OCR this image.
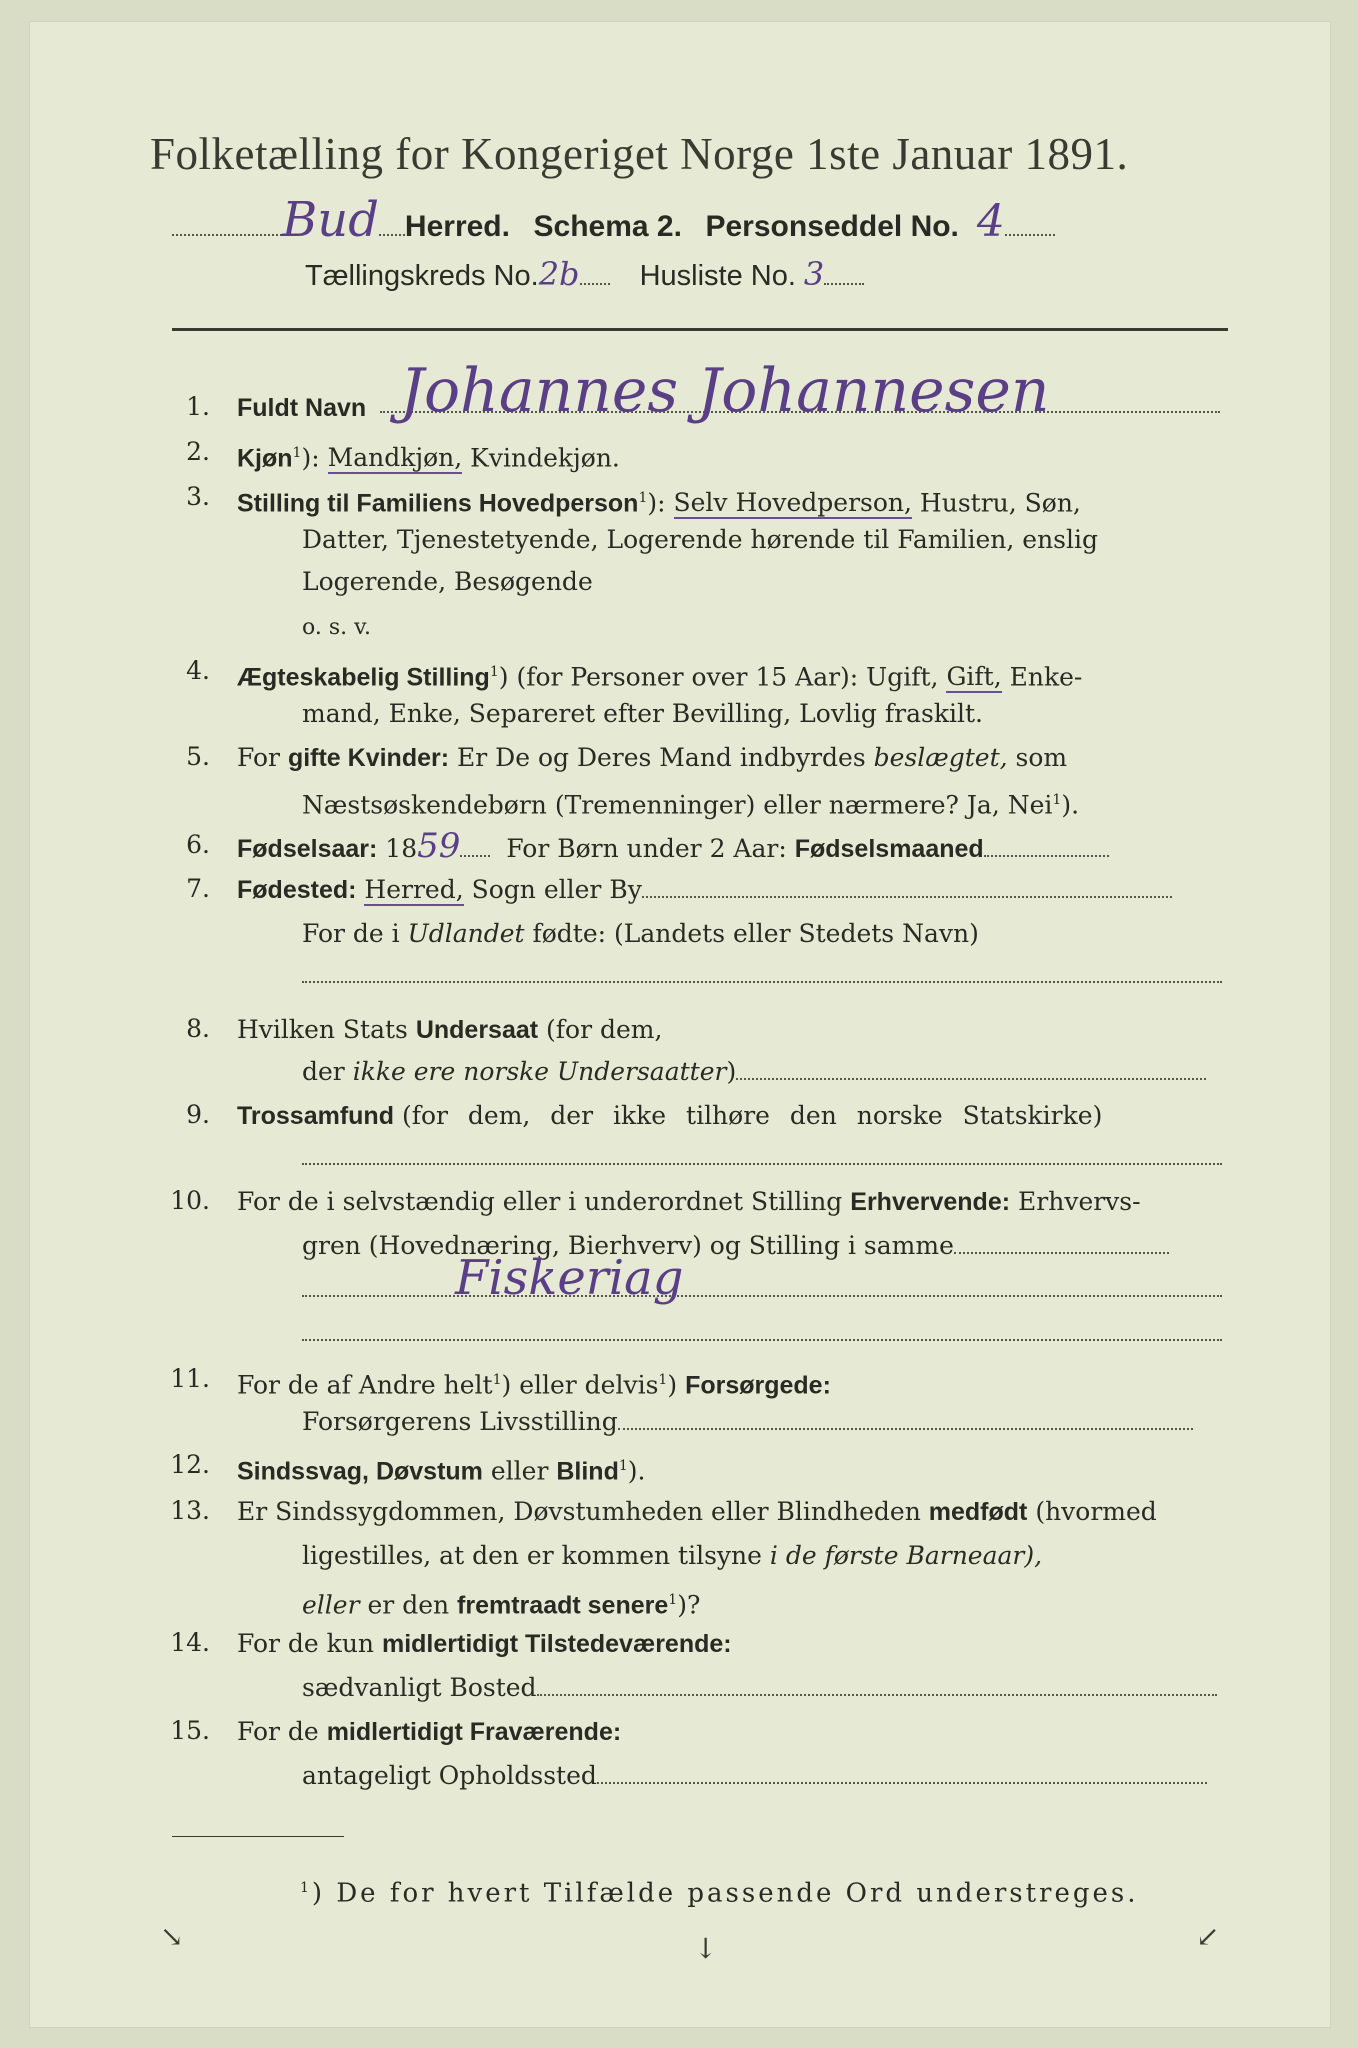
Folketælling for Kongeriget Norge 1ste Januar 1891.
Bud Herred. Schema 2. Personseddel No. 4
Tællingskreds No.2b Husliste No. 3
1. Fuldt Navn Johannes Johannesen
2. Kjøn$^1$): Mandkjøn, Kvindekjøn.
3. Stilling til Familiens Hovedperson$^1$): Selv Hovedperson, Hustru, Søn,
Datter, Tjenestetyende, Logerende hørende til Familien, enslig
Logerende, Besøgende
o. s. v.
4. Ægteskabelig Stilling$^1$) (for Personer over 15 Aar): Ugift, Gift, Enke-
mand, Enke, Separeret efter Bevilling, Lovlig fraskilt.
5. For gifte Kvinder: Er De og Deres Mand indbyrdes beslægtet, som
Næstsøskendebørn (Tremenninger) eller nærmere? Ja, Nei$^1$).
6. Fødselsaar: 1859 For Børn under 2 Aar: Fødselsmaaned
7. Fødested: Herred, Sogn eller By
For de i Udlandet fødte: (Landets eller Stedets Navn)
8. Hvilken Stats Undersaat (for dem,
der ikke ere norske Undersaatter)
9. Trossamfund (for dem, der ikke tilhøre den norske Statskirke)
10. For de i selvstændig eller i underordnet Stilling Erhvervende: Erhvervs-
gren (Hovednæring, Bierhverv) og Stilling i samme
Fiskeriag
11. For de af Andre helt$^1$) eller delvis$^1$) Forsørgede:
Forsørgerens Livsstilling
12. Sindssvag, Døvstum eller Blind$^1$).
13. Er Sindssygdommen, Døvstumheden eller Blindheden medfødt (hvormed
ligestilles, at den er kommen tilsyne i de første Barneaar),
eller er den fremtraadt senere$^1$)?
14. For de kun midlertidigt Tilstedeværende:
sædvanligt Bosted
15. For de midlertidigt Fraværende:
antageligt Opholdssted
$^1$) De for hvert Tilfælde passende Ord understreges.
↘	↓	↙
